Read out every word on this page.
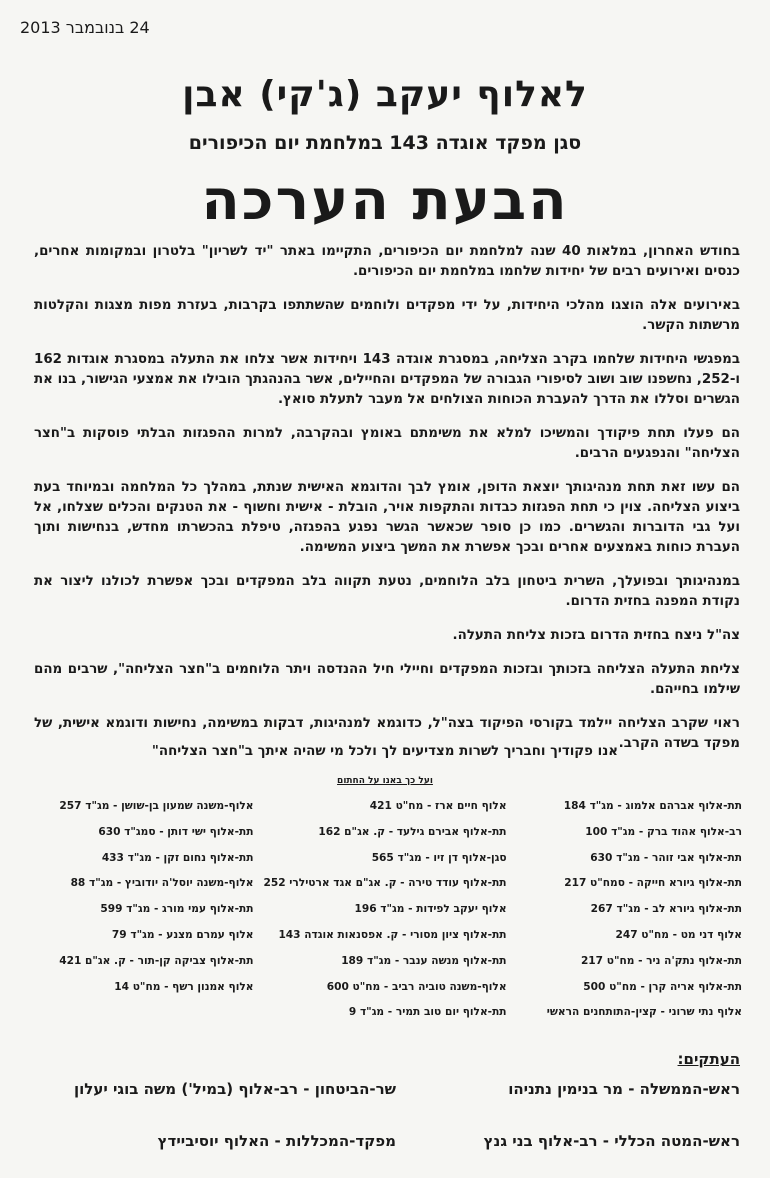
24 בנובמבר 2013
לאלוף יעקב (ג'קי) אבן
סגן מפקד אוגדה 143 במלחמת יום הכיפורים
הבעת הערכה

בחודש האחרון, במלאות 40 שנה למלחמת יום הכיפורים, התקיימו באתר "יד לשריון" בלטרון ובמקומות אחרים, כנסים ואירועים רבים של יחידות שלחמו במלחמת יום הכיפורים.

באירועים אלה הוצגו מהלכי היחידות, על ידי מפקדים ולוחמים שהשתתפו בקרבות, בעזרת מפות מצגות והקלטות מרשתות הקשר.

במפגשי היחידות שלחמו בקרב הצליחה, במסגרת אוגדה 143 ויחידות אשר צלחו את התעלה במסגרת אוגדות 162 ו-252, נחשפנו שוב ושוב לסיפורי הגבורה של המפקדים והחיילים, אשר בהנהגתך הובילו את אמצעי הגישור, בנו את הגשרים וסללו את הדרך להעברת הכוחות הצולחים אל מעבר לתעלת סואץ.

הם פעלו תחת פיקודך והמשיכו למלא את משימתם באומץ ובהקרבה, למרות ההפגזות הבלתי פוסקות ב"חצר הצליחה" והנפגעים הרבים.

הם עשו זאת תחת מנהיגותך יוצאת הדופן, אומץ לבך והדוגמא האישית שנתת, במהלך כל המלחמה ובמיוחד בעת ביצוע הצליחה. צוין כי תחת הפגזות כבדות והתקפות אויר, הובלת - אישית וחשוף - את הטנקים והכלים שצלחו, אל ועל גבי הדוברות והגשרים. כמו כן סופר שכאשר הגשר נפגע בהפגזה, טיפלת בהכשרתו מחדש, בנחישות ותוך העברת כוחות באמצעים אחרים ובכך אפשרת את המשך ביצוע המשימה.

במנהיגותך ובפועלך, השרית ביטחון בלב הלוחמים, נטעת תקווה בלב המפקדים ובכך אפשרת לכולנו ליצור את נקודת המפנה בחזית הדרום.

צה"ל ניצח בחזית הדרום בזכות צליחת התעלה.

צליחת התעלה הצליחה בזכותך ובזכות המפקדים וחיילי חיל ההנדסה ויתר הלוחמים ב"חצר הצליחה", שרבים מהם שילמו בחייהם.

ראוי שקרב הצליחה יילמד בקורסי הפיקוד בצה"ל, כדוגמא למנהיגות, דבקות במשימה, נחישות ודוגמא אישית, של מפקד בשדה הקרב.

אנו פקודיך וחבריך לשרות מצדיעים לך ולכל מי שהיה איתך ב"חצר הצליחה"
ועל כך באנו על החתום
תת-אלוף אברהם אלמוג - מג"ד 184
רב-אלוף אהוד ברק - מג"ד 100
תת-אלוף אבי זוהר - מג"ד 630
תת-אלוף גיורא חייקה - סמח"ט 217
תת-אלוף גיורא לב - מג"ד 267
אלוף דני מט - מח"ט 247
תת-אלוף נתק'ה ניר - מח"ט 217
תת-אלוף אריה קרן - מח"ט 500
אלוף נתי שרוני - קצין-התותחנים הראשי
אלוף חיים ארז - מח"ט 421
תת-אלוף אבירם גילעד - ק. אג"ם 162
סגן-אלוף דן זיו - מג"ד 565
תת-אלוף עודד טירה - ק. אג"ם אגד ארטילרי 252
אלוף יעקב לפידות - מג"ד 196
תת-אלוף ציון מסורי - ק. אפסנאות אוגדה 143
תת-אלוף מנשה ענבר - מג"ד 189
אלוף-משנה טוביה רביב - מח"ט 600
תת-אלוף יום טוב תמיר - מג"ד 9
אלוף-משנה שמעון בן-שושן - מג"ד 257
תת-אלוף ישי דותן - סמג"ד 630
תת-אלוף נחום זקן - מג"ד 433
אלוף-משנה יוסל'ה יודוביץ - מג"ד 88
תת-אלוף עמי מורג - מג"ד 599
אלוף עמרם מצנע - מג"ד 79
תת-אלוף צביקה קן-תור - ק. אג"ם 421
אלוף אמנון רשף - מח"ט 14
העתקים:
ראש-הממשלה - מר בנימין נתניהו
שר-הביטחון - רב-אלוף (במיל') משה בוגי יעלון
ראש-המטה הכללי - רב-אלוף בני גנץ
מפקד-המכללות - האלוף יוסיביידץ
